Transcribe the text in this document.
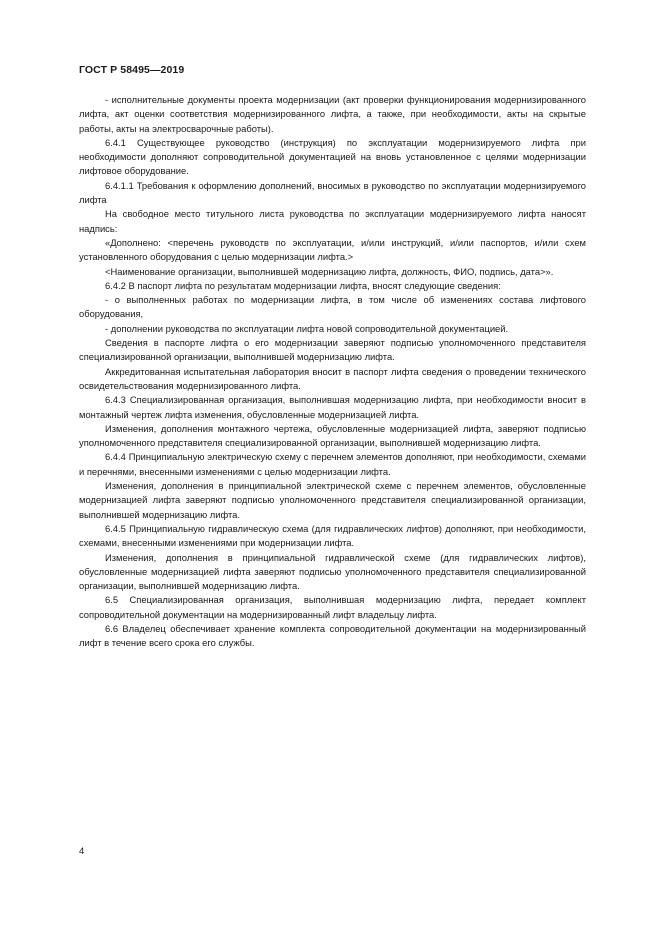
ГОСТ Р 58495—2019

- исполнительные документы проекта модернизации (акт проверки функционирования модернизированного лифта, акт оценки соответствия модернизированного лифта, а также, при необходимости, акты на скрытые работы, акты на электросварочные работы).

6.4.1 Существующее руководство (инструкция) по эксплуатации модернизируемого лифта при необходимости дополняют сопроводительной документацией на вновь установленное с целями модернизации лифтовое оборудование.

6.4.1.1 Требования к оформлению дополнений, вносимых в руководство по эксплуатации модернизируемого лифта

На свободное место титульного листа руководства по эксплуатации модернизируемого лифта наносят надпись:

«Дополнено: <перечень руководств по эксплуатации, и/или инструкций, и/или паспортов, и/или схем установленного оборудования с целью модернизации лифта.>

<Наименование организации, выполнившей модернизацию лифта, должность, ФИО, подпись, дата>».

6.4.2 В паспорт лифта по результатам модернизации лифта, вносят следующие сведения:

- о выполненных работах по модернизации лифта, в том числе об изменениях состава лифтового оборудования,

- дополнении руководства по эксплуатации лифта новой сопроводительной документацией.

Сведения в паспорте лифта о его модернизации заверяют подписью уполномоченного представителя специализированной организации, выполнившей модернизацию лифта.

Аккредитованная испытательная лаборатория вносит в паспорт лифта сведения о проведении технического освидетельствования модернизированного лифта.

6.4.3 Специализированная организация, выполнившая модернизацию лифта, при необходимости вносит в монтажный чертеж лифта изменения, обусловленные модернизацией лифта.

Изменения, дополнения монтажного чертежа, обусловленные модернизацией лифта, заверяют подписью уполномоченного представителя специализированной организации, выполнившей модернизацию лифта.

6.4.4 Принципиальную электрическую схему с перечнем элементов дополняют, при необходимости, схемами и перечнями, внесенными изменениями с целью модернизации лифта.

Изменения, дополнения в принципиальной электрической схеме с перечнем элементов, обусловленные модернизацией лифта заверяют подписью уполномоченного представителя специализированной организации, выполнившей модернизацию лифта.

6.4.5 Принципиальную гидравлическую схема (для гидравлических лифтов) дополняют, при необходимости, схемами, внесенными изменениями при модернизации лифта.

Изменения, дополнения в принципиальной гидравлической схеме (для гидравлических лифтов), обусловленные модернизацией лифта заверяют подписью уполномоченного представителя специализированной организации, выполнившей модернизацию лифта.

6.5 Специализированная организация, выполнившая модернизацию лифта, передает комплект сопроводительной документации на модернизированный лифт владельцу лифта.

6.6 Владелец обеспечивает хранение комплекта сопроводительной документации на модернизированный лифт в течение всего срока его службы.

4
